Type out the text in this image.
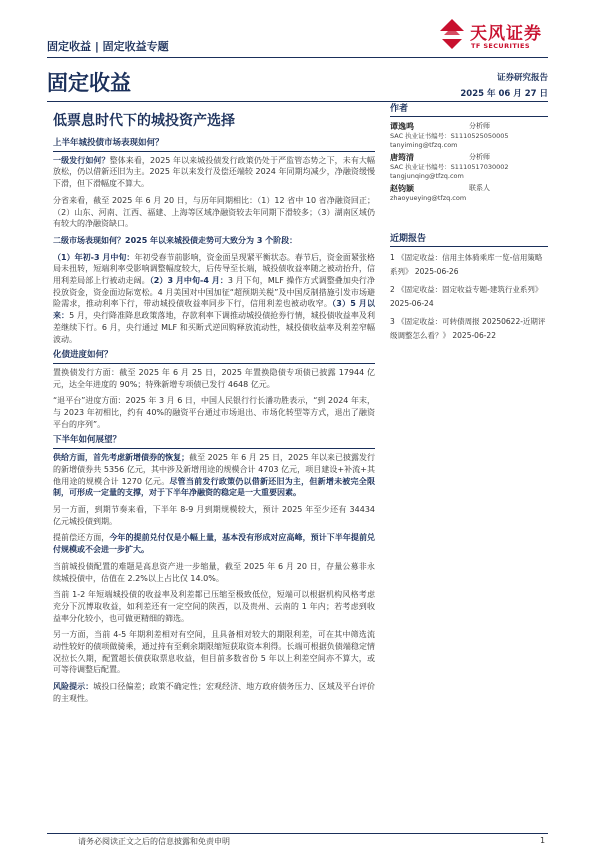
固定收益 | 固定收益专题
天风证券
TF SECURITIES
固定收益	证券研究报告
2025 年 06 月 27 日
低票息时代下的城投资产选择
上半年城投债市场表现如何？

一级发行如何？整体来看，2025 年以来城投债发行政策仍处于严监管态势之下，未有大幅放松，仍以借新还旧为主。2025 年以来发行及偿还端较 2024 年同期均减少，净融资缓慢下滑，但下滑幅度不算大。

分省来看，截至 2025 年 6 月 20 日，与历年同期相比：（1）12 省中 10 省净融资回正；（2）山东、河南、江西、福建、上海等区域净融资较去年同期下滑较多；（3）湖南区域仍有较大的净融资缺口。

二级市场表现如何？2025 年以来城投债走势可大致分为 3 个阶段：

（1）年初-3 月中旬：年初受春节前影响，资金面呈现紧平衡状态。春节后，资金面紧张格局未扭转，短端利率受影响调整幅度较大，后传导至长端，城投债收益率随之被动抬升，信用利差局部上行被动走阔。（2）3 月中旬-4 月：3 月下旬，MLF 操作方式调整叠加央行净投放资金，资金面边际宽松。4 月美国对中国加征“超预期关税”及中国反制措施引发市场避险需求，推动利率下行，带动城投债收益率同步下行，信用利差也被动收窄。（3）5 月以来：5 月，央行降准降息政策落地，存款利率下调推动城投债抢券行情，城投债收益率及利差继续下行。6 月，央行通过 MLF 和买断式逆回购释放流动性，城投债收益率及利差窄幅波动。

化债进度如何？

置换债发行方面：截至 2025 年 6 月 25 日，2025 年置换隐债专项债已披露 17944 亿元，达全年进度的 90%；特殊新增专项债已发行 4648 亿元。

“退平台”进度方面：2025 年 3 月 6 日，中国人民银行行长潘功胜表示，“到 2024 年末，与 2023 年初相比，约有 40%的融资平台通过市场退出、市场化转型等方式，退出了融资平台的序列”。

下半年如何展望？

供给方面，首先考虑新增债券的恢复；截至 2025 年 6 月 25 日，2025 年以来已披露发行的新增债券共 5356 亿元，其中涉及新增用途的规模合计 4703 亿元，项目建设+补流+其他用途的规模合计 1270 亿元。尽管当前发行政策仍以借新还旧为主，但新增未被完全限制，可形成一定量的支撑，对于下半年净融资的稳定是一大重要因素。

另一方面，到期节奏来看，下半年 8-9 月到期规模较大，预计 2025 年至少还有 34434 亿元城投债到期。

提前偿还方面，今年的提前兑付仅是小幅上量，基本没有形成对应高峰，预计下半年提前兑付规模或不会进一步扩大。

当前城投债配置的难题是高息资产进一步缩量，截至 2025 年 6 月 20 日，存量公募非永续城投债中，估值在 2.2%以上占比仅 14.0%。

当前 1-2 年短端城投债的收益率及利差都已压缩至极致低位，短端可以根据机构风格考虑充分下沉博取收益，如利差还有一定空间的陕西，以及贵州、云南的 1 年内；若考虑到收益率分化较小，也可做更精细的筛选。

另一方面，当前 4-5 年期利差相对有空间，且具备相对较大的期限利差，可在其中筛选流动性较好的债项做骑乘，通过持有至剩余期限缩短获取资本利得。长端可根据负债端稳定情况拉长久期，配置超长债获取票息收益，但目前多数省份 5 年以上利差空间亦不算大，或可等待调整后配置。

风险提示：城投口径偏差；政策不确定性；宏观经济、地方政府债务压力、区域及平台评价的主观性。

作者
谭逸鸣	分析师
SAC 执业证书编号：S1110525050005
tanyiming@tfzq.com
唐筠清	分析师
SAC 执业证书编号：S1110517030002
tangjunqing@tfzq.com
赵钧颖	联系人
zhaoyueying@tfzq.com
近期报告
1 《固定收益：信用主体骑乘库一览-信用策略系列》 2025-06-26
2 《固定收益：固定收益专题-建筑行业系列》 2025-06-24
3 《固定收益：可转债周报 20250622-近期评级调整怎么看？》 2025-06-22
请务必阅读正文之后的信息披露和免责申明	1
